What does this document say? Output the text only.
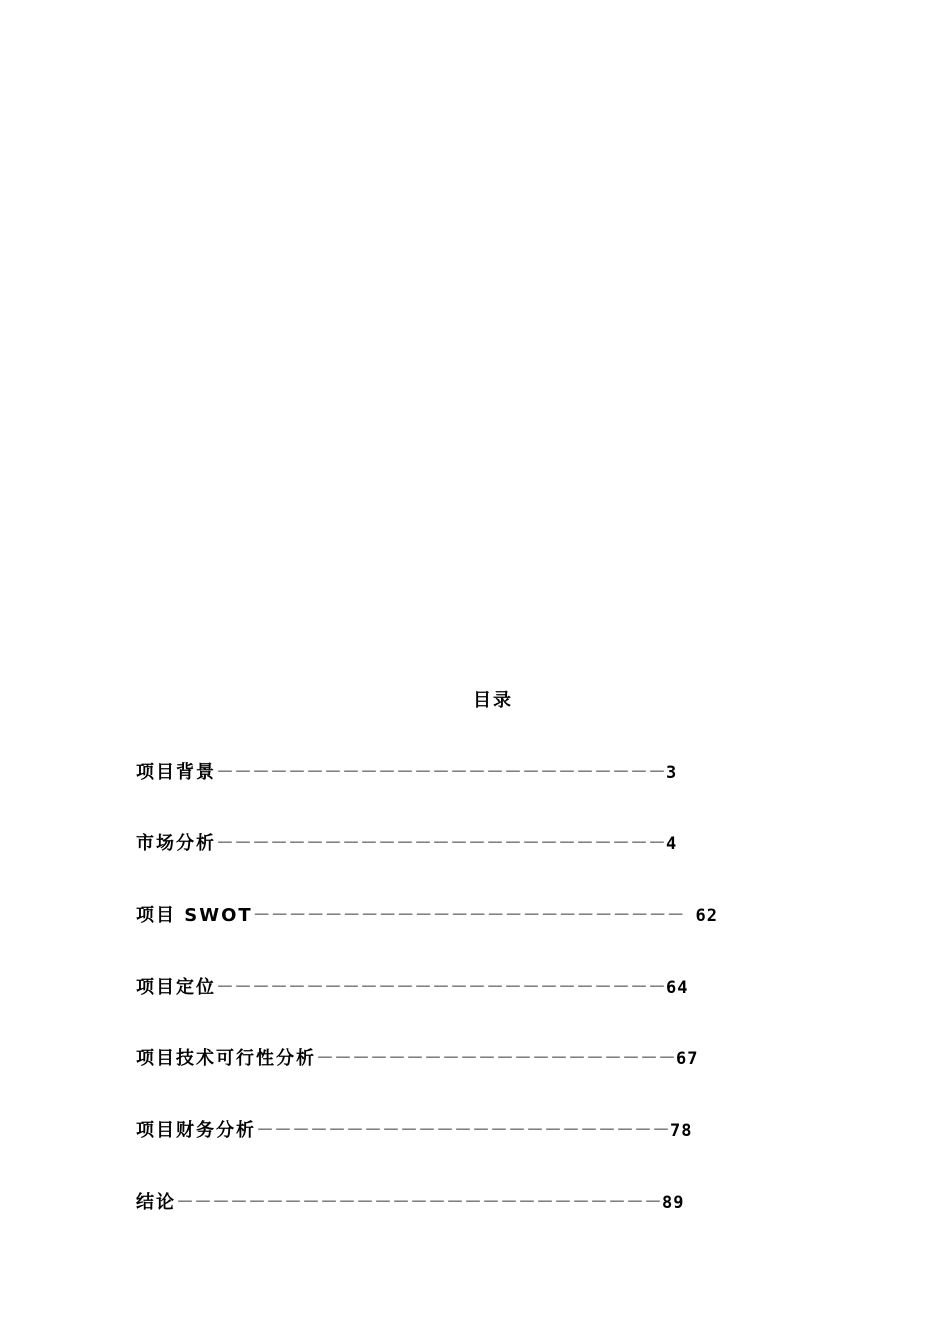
目录
项目背景－－－－－－－－－－－－－－－－－－－－－－－－－3
市场分析－－－－－－－－－－－－－－－－－－－－－－－－－4
项目 SWOT－－－－－－－－－－－－－－－－－－－－－－－－ 62
项目定位－－－－－－－－－－－－－－－－－－－－－－－－－64
项目技术可行性分析－－－－－－－－－－－－－－－－－－－－67
项目财务分析－－－－－－－－－－－－－－－－－－－－－－－78
结论－－－－－－－－－－－－－－－－－－－－－－－－－－－89
